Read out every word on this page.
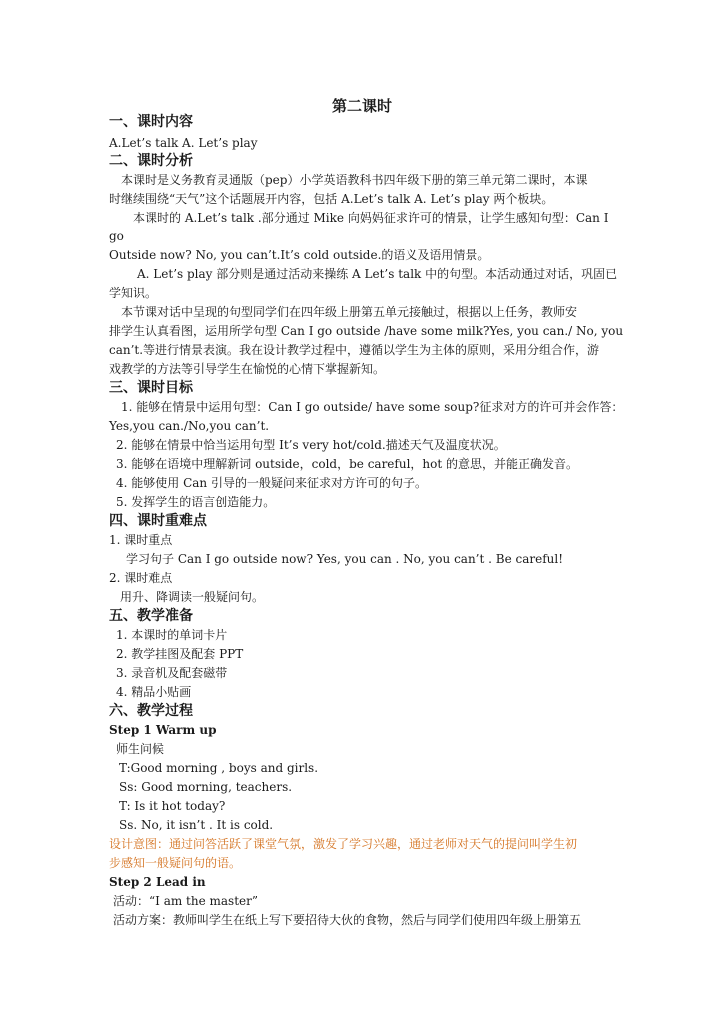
第二课时
一、课时内容
A.Let’s talk A. Let’s play
二、课时分析
本课时是义务教育灵通版（pep）小学英语教科书四年级下册的第三单元第二课时，本课
时继续围绕“天气”这个话题展开内容，包括 A.Let’s talk A. Let’s play 两个板块。
本课时的 A.Let’s talk .部分通过 Mike 向妈妈征求许可的情景，让学生感知句型：Can I
go
Outside now? No, you can’t.It’s cold outside.的语义及语用情景。
A. Let’s play 部分则是通过活动来操练 A Let’s talk 中的句型。本活动通过对话，巩固已
学知识。
本节课对话中呈现的句型同学们在四年级上册第五单元接触过，根据以上任务，教师安
排学生认真看图，运用所学句型 Can I go outside /have some milk?Yes, you can./ No, you
can’t.等进行情景表演。我在设计教学过程中，遵循以学生为主体的原则，采用分组合作，游
戏教学的方法等引导学生在愉悦的心情下掌握新知。
三、课时目标
1. 能够在情景中运用句型：Can I go outside/ have some soup?征求对方的许可并会作答：
Yes,you can./No,you can’t.
2. 能够在情景中恰当运用句型 It’s very hot/cold.描述天气及温度状况。
3. 能够在语境中理解新词 outside，cold，be careful，hot 的意思，并能正确发音。
4. 能够使用 Can 引导的一般疑问来征求对方许可的句子。
5. 发挥学生的语言创造能力。
四、课时重难点
1. 课时重点
学习句子 Can I go outside now? Yes, you can . No, you can’t . Be careful!
2. 课时难点
用升、降调读一般疑问句。
五、教学准备
1. 本课时的单词卡片
2. 教学挂图及配套 PPT
3. 录音机及配套磁带
4. 精品小贴画
六、教学过程
Step 1 Warm up
师生问候
T:Good morning , boys and girls.
Ss: Good morning, teachers.
T: Is it hot today?
Ss. No, it isn’t . It is cold.
设计意图：通过问答活跃了课堂气氛，激发了学习兴趣，通过老师对天气的提问叫学生初
步感知一般疑问句的语。
Step 2 Lead in
活动：“I am the master”
活动方案：教师叫学生在纸上写下要招待大伙的食物，然后与同学们使用四年级上册第五
